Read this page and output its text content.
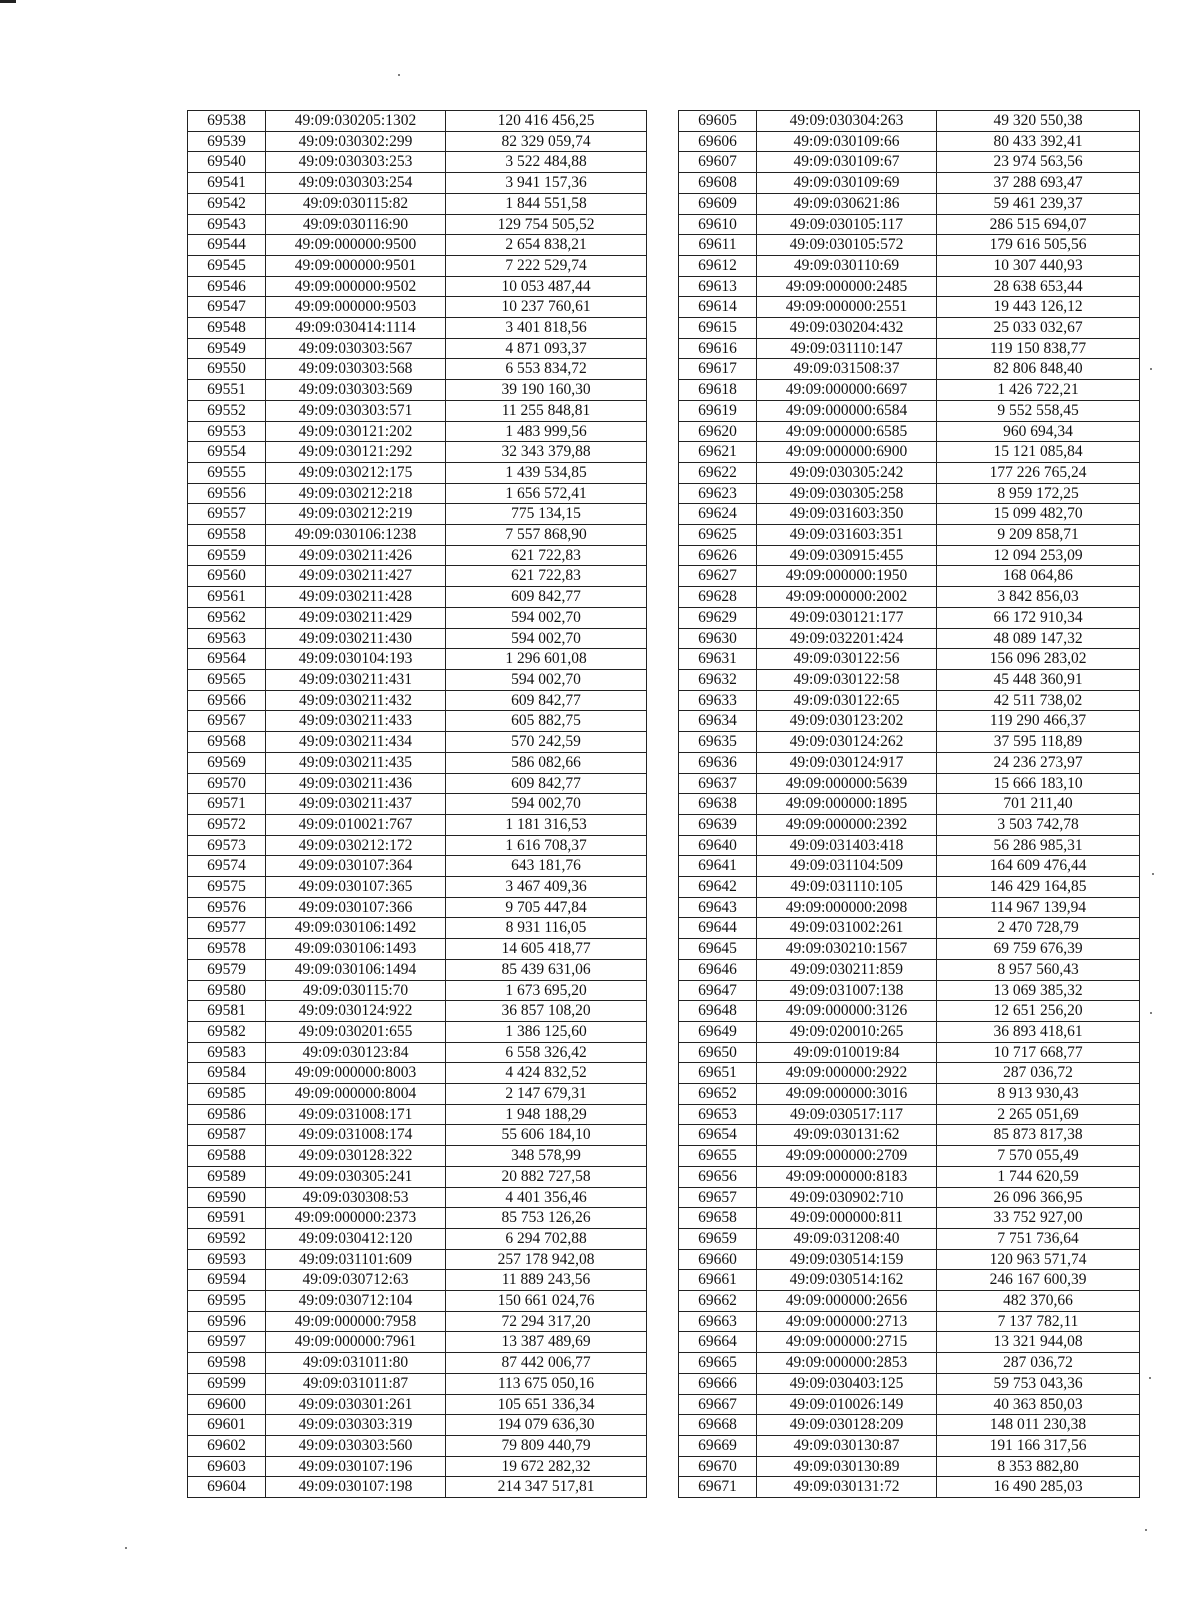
69538	49:09:030205:1302	120 416 456,25
69539	49:09:030302:299	82 329 059,74
69540	49:09:030303:253	3 522 484,88
69541	49:09:030303:254	3 941 157,36
69542	49:09:030115:82	1 844 551,58
69543	49:09:030116:90	129 754 505,52
69544	49:09:000000:9500	2 654 838,21
69545	49:09:000000:9501	7 222 529,74
69546	49:09:000000:9502	10 053 487,44
69547	49:09:000000:9503	10 237 760,61
69548	49:09:030414:1114	3 401 818,56
69549	49:09:030303:567	4 871 093,37
69550	49:09:030303:568	6 553 834,72
69551	49:09:030303:569	39 190 160,30
69552	49:09:030303:571	11 255 848,81
69553	49:09:030121:202	1 483 999,56
69554	49:09:030121:292	32 343 379,88
69555	49:09:030212:175	1 439 534,85
69556	49:09:030212:218	1 656 572,41
69557	49:09:030212:219	775 134,15
69558	49:09:030106:1238	7 557 868,90
69559	49:09:030211:426	621 722,83
69560	49:09:030211:427	621 722,83
69561	49:09:030211:428	609 842,77
69562	49:09:030211:429	594 002,70
69563	49:09:030211:430	594 002,70
69564	49:09:030104:193	1 296 601,08
69565	49:09:030211:431	594 002,70
69566	49:09:030211:432	609 842,77
69567	49:09:030211:433	605 882,75
69568	49:09:030211:434	570 242,59
69569	49:09:030211:435	586 082,66
69570	49:09:030211:436	609 842,77
69571	49:09:030211:437	594 002,70
69572	49:09:010021:767	1 181 316,53
69573	49:09:030212:172	1 616 708,37
69574	49:09:030107:364	643 181,76
69575	49:09:030107:365	3 467 409,36
69576	49:09:030107:366	9 705 447,84
69577	49:09:030106:1492	8 931 116,05
69578	49:09:030106:1493	14 605 418,77
69579	49:09:030106:1494	85 439 631,06
69580	49:09:030115:70	1 673 695,20
69581	49:09:030124:922	36 857 108,20
69582	49:09:030201:655	1 386 125,60
69583	49:09:030123:84	6 558 326,42
69584	49:09:000000:8003	4 424 832,52
69585	49:09:000000:8004	2 147 679,31
69586	49:09:031008:171	1 948 188,29
69587	49:09:031008:174	55 606 184,10
69588	49:09:030128:322	348 578,99
69589	49:09:030305:241	20 882 727,58
69590	49:09:030308:53	4 401 356,46
69591	49:09:000000:2373	85 753 126,26
69592	49:09:030412:120	6 294 702,88
69593	49:09:031101:609	257 178 942,08
69594	49:09:030712:63	11 889 243,56
69595	49:09:030712:104	150 661 024,76
69596	49:09:000000:7958	72 294 317,20
69597	49:09:000000:7961	13 387 489,69
69598	49:09:031011:80	87 442 006,77
69599	49:09:031011:87	113 675 050,16
69600	49:09:030301:261	105 651 336,34
69601	49:09:030303:319	194 079 636,30
69602	49:09:030303:560	79 809 440,79
69603	49:09:030107:196	19 672 282,32
69604	49:09:030107:198	214 347 517,81
69605	49:09:030304:263	49 320 550,38
69606	49:09:030109:66	80 433 392,41
69607	49:09:030109:67	23 974 563,56
69608	49:09:030109:69	37 288 693,47
69609	49:09:030621:86	59 461 239,37
69610	49:09:030105:117	286 515 694,07
69611	49:09:030105:572	179 616 505,56
69612	49:09:030110:69	10 307 440,93
69613	49:09:000000:2485	28 638 653,44
69614	49:09:000000:2551	19 443 126,12
69615	49:09:030204:432	25 033 032,67
69616	49:09:031110:147	119 150 838,77
69617	49:09:031508:37	82 806 848,40
69618	49:09:000000:6697	1 426 722,21
69619	49:09:000000:6584	9 552 558,45
69620	49:09:000000:6585	960 694,34
69621	49:09:000000:6900	15 121 085,84
69622	49:09:030305:242	177 226 765,24
69623	49:09:030305:258	8 959 172,25
69624	49:09:031603:350	15 099 482,70
69625	49:09:031603:351	9 209 858,71
69626	49:09:030915:455	12 094 253,09
69627	49:09:000000:1950	168 064,86
69628	49:09:000000:2002	3 842 856,03
69629	49:09:030121:177	66 172 910,34
69630	49:09:032201:424	48 089 147,32
69631	49:09:030122:56	156 096 283,02
69632	49:09:030122:58	45 448 360,91
69633	49:09:030122:65	42 511 738,02
69634	49:09:030123:202	119 290 466,37
69635	49:09:030124:262	37 595 118,89
69636	49:09:030124:917	24 236 273,97
69637	49:09:000000:5639	15 666 183,10
69638	49:09:000000:1895	701 211,40
69639	49:09:000000:2392	3 503 742,78
69640	49:09:031403:418	56 286 985,31
69641	49:09:031104:509	164 609 476,44
69642	49:09:031110:105	146 429 164,85
69643	49:09:000000:2098	114 967 139,94
69644	49:09:031002:261	2 470 728,79
69645	49:09:030210:1567	69 759 676,39
69646	49:09:030211:859	8 957 560,43
69647	49:09:031007:138	13 069 385,32
69648	49:09:000000:3126	12 651 256,20
69649	49:09:020010:265	36 893 418,61
69650	49:09:010019:84	10 717 668,77
69651	49:09:000000:2922	287 036,72
69652	49:09:000000:3016	8 913 930,43
69653	49:09:030517:117	2 265 051,69
69654	49:09:030131:62	85 873 817,38
69655	49:09:000000:2709	7 570 055,49
69656	49:09:000000:8183	1 744 620,59
69657	49:09:030902:710	26 096 366,95
69658	49:09:000000:811	33 752 927,00
69659	49:09:031208:40	7 751 736,64
69660	49:09:030514:159	120 963 571,74
69661	49:09:030514:162	246 167 600,39
69662	49:09:000000:2656	482 370,66
69663	49:09:000000:2713	7 137 782,11
69664	49:09:000000:2715	13 321 944,08
69665	49:09:000000:2853	287 036,72
69666	49:09:030403:125	59 753 043,36
69667	49:09:010026:149	40 363 850,03
69668	49:09:030128:209	148 011 230,38
69669	49:09:030130:87	191 166 317,56
69670	49:09:030130:89	8 353 882,80
69671	49:09:030131:72	16 490 285,03
